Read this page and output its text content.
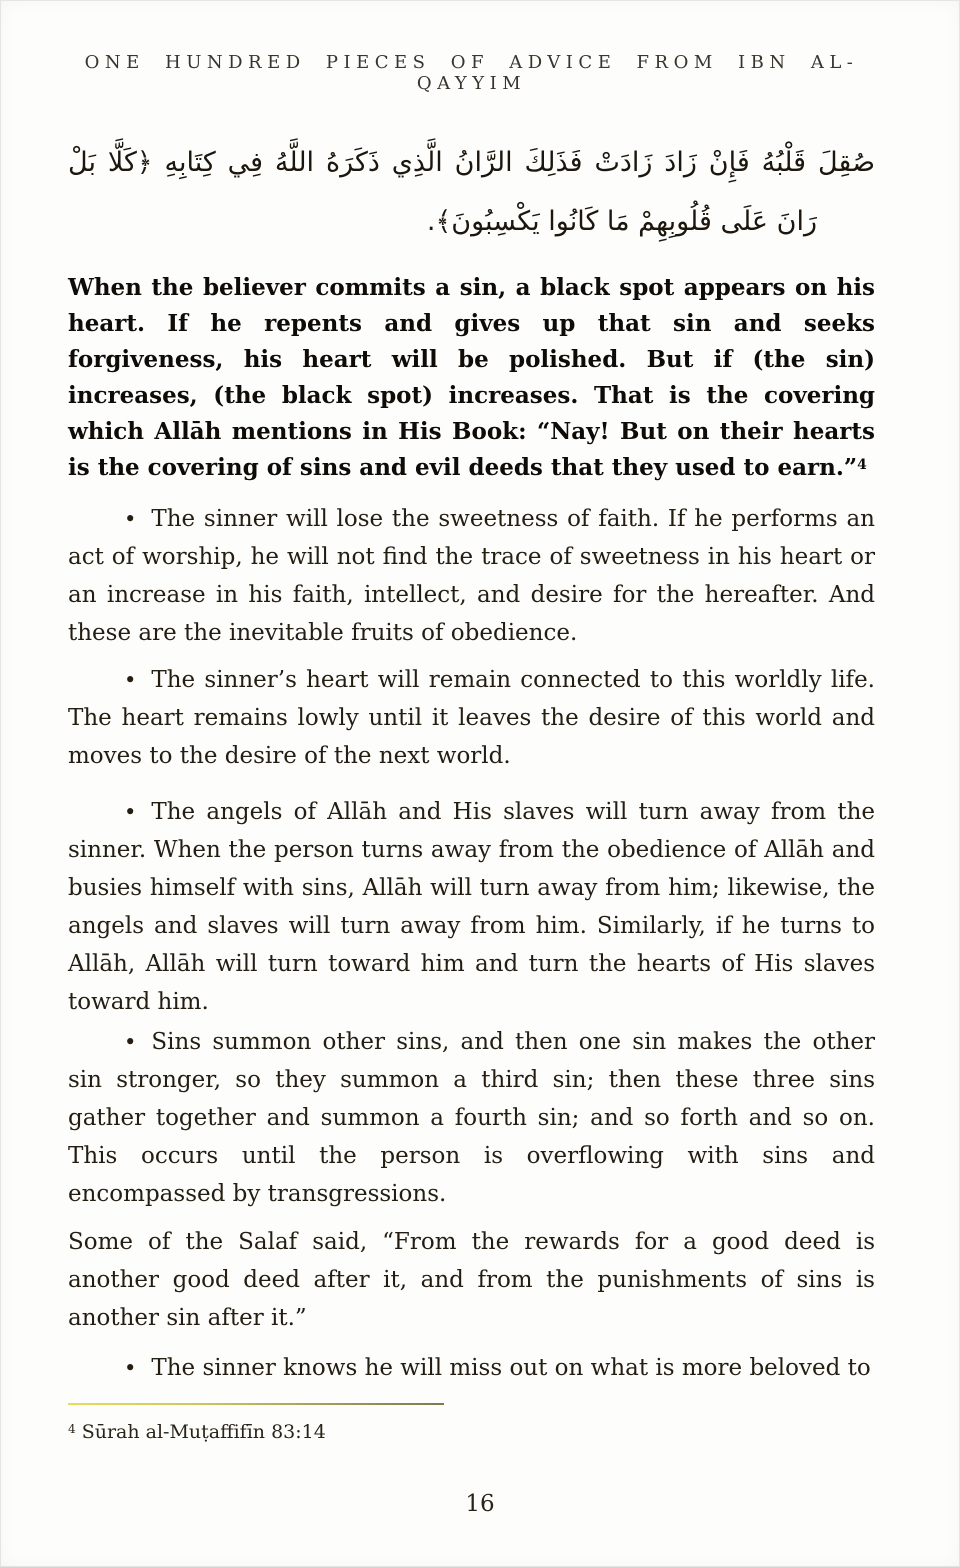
ONE HUNDRED PIECES OF ADVICE FROM IBN AL-QAYYIM
صُقِلَ قَلْبُهُ فَإِنْ زَادَ زَادَتْ فَذَلِكَ الرَّانُ الَّذِي ذَكَرَهُ اللَّهُ فِي كِتَابِهِ ﴿كَلَّا بَلْ
رَانَ عَلَى قُلُوبِهِمْ مَا كَانُوا يَكْسِبُونَ﴾.

When the believer commits a sin, a black spot appears on his heart. If he repents and gives up that sin and seeks forgiveness, his heart will be polished. But if (the sin) increases, (the black spot) increases. That is the covering which Allāh mentions in His Book: “Nay! But on their hearts is the covering of sins and evil deeds that they used to earn.”$^4$

• The sinner will lose the sweetness of faith. If he performs an act of worship, he will not find the trace of sweetness in his heart or an increase in his faith, intellect, and desire for the hereafter. And these are the inevitable fruits of obedience.

• The sinner’s heart will remain connected to this worldly life. The heart remains lowly until it leaves the desire of this world and moves to the desire of the next world.

• The angels of Allāh and His slaves will turn away from the sinner. When the person turns away from the obedience of Allāh and busies himself with sins, Allāh will turn away from him; likewise, the angels and slaves will turn away from him. Similarly, if he turns to Allāh, Allāh will turn toward him and turn the hearts of His slaves toward him.

• Sins summon other sins, and then one sin makes the other sin stronger, so they summon a third sin; then these three sins gather together and summon a fourth sin; and so forth and so on. This occurs until the person is overflowing with sins and encompassed by transgressions.

Some of the Salaf said, “From the rewards for a good deed is another good deed after it, and from the punishments of sins is another sin after it.”

• The sinner knows he will miss out on what is more beloved to

$^4$ Sūrah al-Muṭaffifīn 83:14
16
